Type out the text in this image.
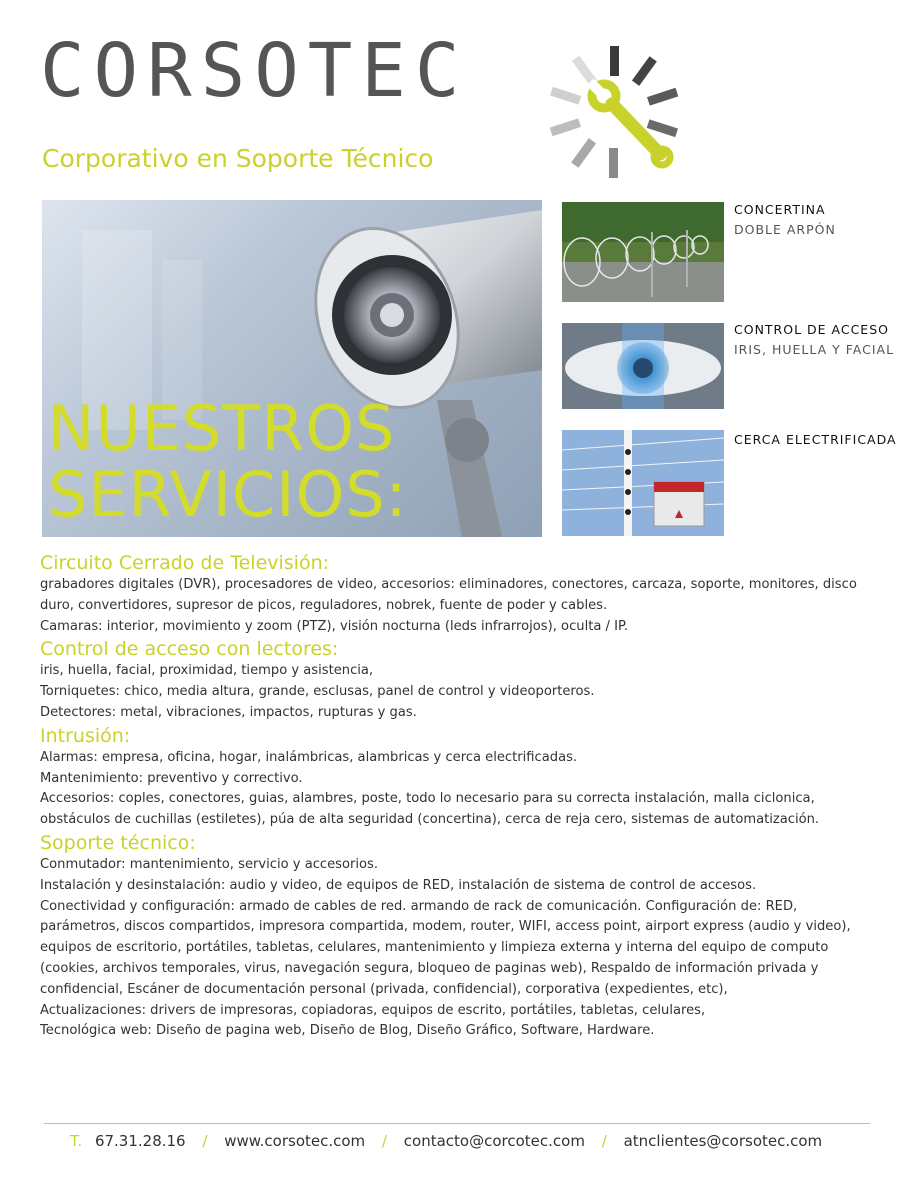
CORSOTEC
Corporativo en Soporte Técnico
NUESTROS
SERVICIOS:
CONCERTINA
DOBLE ARPÓN
CONTROL DE ACCESO
IRIS, HUELLA Y FACIAL
CERCA ELECTRIFICADA
Circuito Cerrado de Televisión:

grabadores digitales (DVR), procesadores de video, accesorios: eliminadores, conectores, carcaza, soporte, monitores, disco duro, convertidores, supresor de picos, reguladores, nobrek, fuente de poder y cables.

Camaras: interior, movimiento y zoom (PTZ), visión nocturna (leds infrarrojos), oculta / IP.

Control de acceso con lectores:

iris, huella, facial, proximidad, tiempo y asistencia,

Torniquetes: chico, media altura, grande, esclusas, panel de control y videoporteros.

Detectores: metal, vibraciones, impactos, rupturas y gas.

Intrusión:

Alarmas: empresa, oficina, hogar, inalámbricas, alambricas y cerca electrificadas.

Mantenimiento: preventivo y correctivo.

Accesorios: coples, conectores, guias, alambres, poste, todo lo necesario para su correcta instalación, malla ciclonica, obstáculos de cuchillas (estiletes), púa de alta seguridad (concertina), cerca de reja cero, sistemas de automatización.

Soporte técnico:

Conmutador: mantenimiento, servicio y accesorios.

Instalación y desinstalación: audio y video, de equipos de RED, instalación de sistema de control de accesos.

Conectividad y configuración: armado de cables de red. armando de rack de comunicación. Configuración de: RED, parámetros, discos compartidos, impresora compartida, modem, router, WIFI, access point, airport express (audio y video), equipos de escritorio, portátiles, tabletas, celulares, mantenimiento y limpieza externa y interna del equipo de computo (cookies, archivos temporales, virus, navegación segura, bloqueo de paginas web), Respaldo de información privada y confidencial, Escáner de documentación personal (privada, confidencial), corporativa (expedientes, etc),

Actualizaciones: drivers de impresoras, copiadoras, equipos de escrito, portátiles, tabletas, celulares,

Tecnológica web: Diseño de pagina web, Diseño de Blog, Diseño Gráfico, Software, Hardware.

T. 67.31.28.16 / www.corsotec.com / contacto@corcotec.com / atnclientes@corsotec.com
